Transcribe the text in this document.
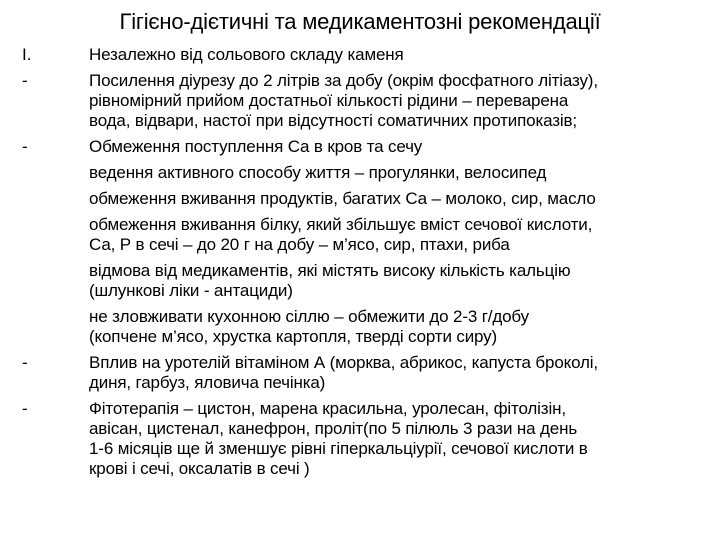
Гігієно-дієтичні та медикаментозні рекомендації
I.	Незалежно від сольового складу каменя
-	Посилення діурезу до 2 літрів за добу (окрім фосфатного літіазу),
рівномірний прийом достатньої кількості рідини – переварена
вода, відвари, настої при відсутності соматичних протипоказів;
-	Обмеження поступлення Са в кров та сечу
ведення активного способу життя – прогулянки, велосипед
обмеження вживання продуктів, багатих Са – молоко, сир, масло
обмеження вживання білку, який збільшує вміст сечової кислоти,
Са, Р в сечі – до 20 г на добу – м’ясо, сир, птахи, риба
відмова від медикаментів, які містять високу кількість кальцію
(шлункові ліки - антациди)
не зловживати кухонною сіллю – обмежити до 2-3 г/добу
(копчене м’ясо, хрустка картопля, тверді сорти сиру)
-	Вплив на уротелій вітаміном А (морква, абрикос, капуста броколі,
диня, гарбуз, яловича печінка)
-	Фітотерапія – цистон, марена красильна, уролесан, фітолізін,
авісан, цистенал, канефрон, проліт(по 5 пілюль 3 рази на день
1-6 місяців ще й зменшує рівні гіперкальціурії, сечової кислоти в
крові і сечі, оксалатів в сечі )
